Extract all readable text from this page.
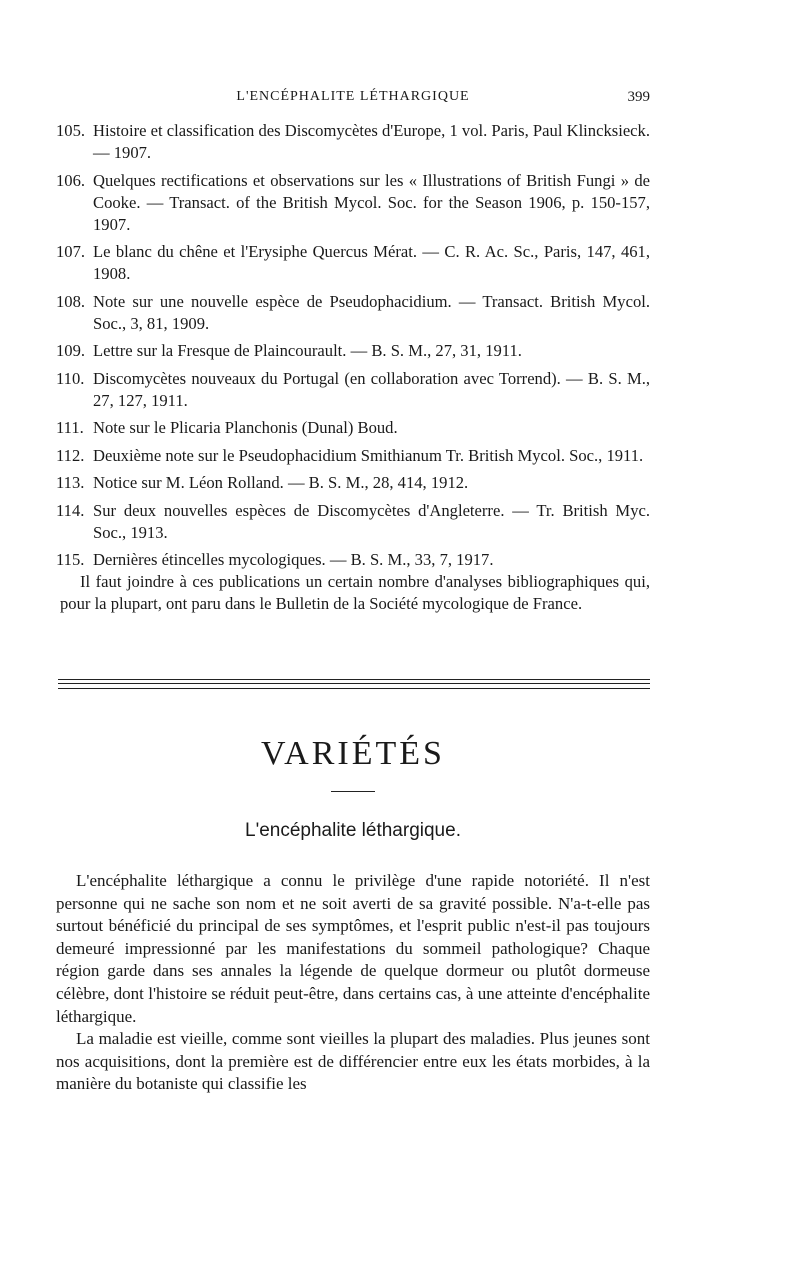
L'ENCÉPHALITE LÉTHARGIQUE	399
105. Histoire et classification des Discomycètes d'Europe, 1 vol. Paris, Paul Klincksieck. — 1907.
106. Quelques rectifications et observations sur les « Illustrations of British Fungi » de Cooke. — Transact. of the British Mycol. Soc. for the Season 1906, p. 150-157, 1907.
107. Le blanc du chêne et l'Erysiphe Quercus Mérat. — C. R. Ac. Sc., Paris, 147, 461, 1908.
108. Note sur une nouvelle espèce de Pseudophacidium. — Transact. British Mycol. Soc., 3, 81, 1909.
109. Lettre sur la Fresque de Plaincourault. — B. S. M., 27, 31, 1911.
110. Discomycètes nouveaux du Portugal (en collaboration avec Torrend). — B. S. M., 27, 127, 1911.
111. Note sur le Plicaria Planchonis (Dunal) Boud.
112. Deuxième note sur le Pseudophacidium Smithianum Tr. British Mycol. Soc., 1911.
113. Notice sur M. Léon Rolland. — B. S. M., 28, 414, 1912.
114. Sur deux nouvelles espèces de Discomycètes d'Angleterre. — Tr. British Myc. Soc., 1913.
115. Dernières étincelles mycologiques. — B. S. M., 33, 7, 1917.
Il faut joindre à ces publications un certain nombre d'analyses bibliographiques qui, pour la plupart, ont paru dans le Bulletin de la Société mycologique de France.
VARIÉTÉS
L'encéphalite léthargique.

L'encéphalite léthargique a connu le privilège d'une rapide notoriété. Il n'est personne qui ne sache son nom et ne soit averti de sa gravité possible. N'a-t-elle pas surtout bénéficié du principal de ses symptômes, et l'esprit public n'est-il pas toujours demeuré impressionné par les manifestations du sommeil pathologique? Chaque région garde dans ses annales la légende de quelque dormeur ou plutôt dormeuse célèbre, dont l'histoire se réduit peut-être, dans certains cas, à une atteinte d'encéphalite léthargique.

La maladie est vieille, comme sont vieilles la plupart des maladies. Plus jeunes sont nos acquisitions, dont la première est de différencier entre eux les états morbides, à la manière du botaniste qui classifie les
